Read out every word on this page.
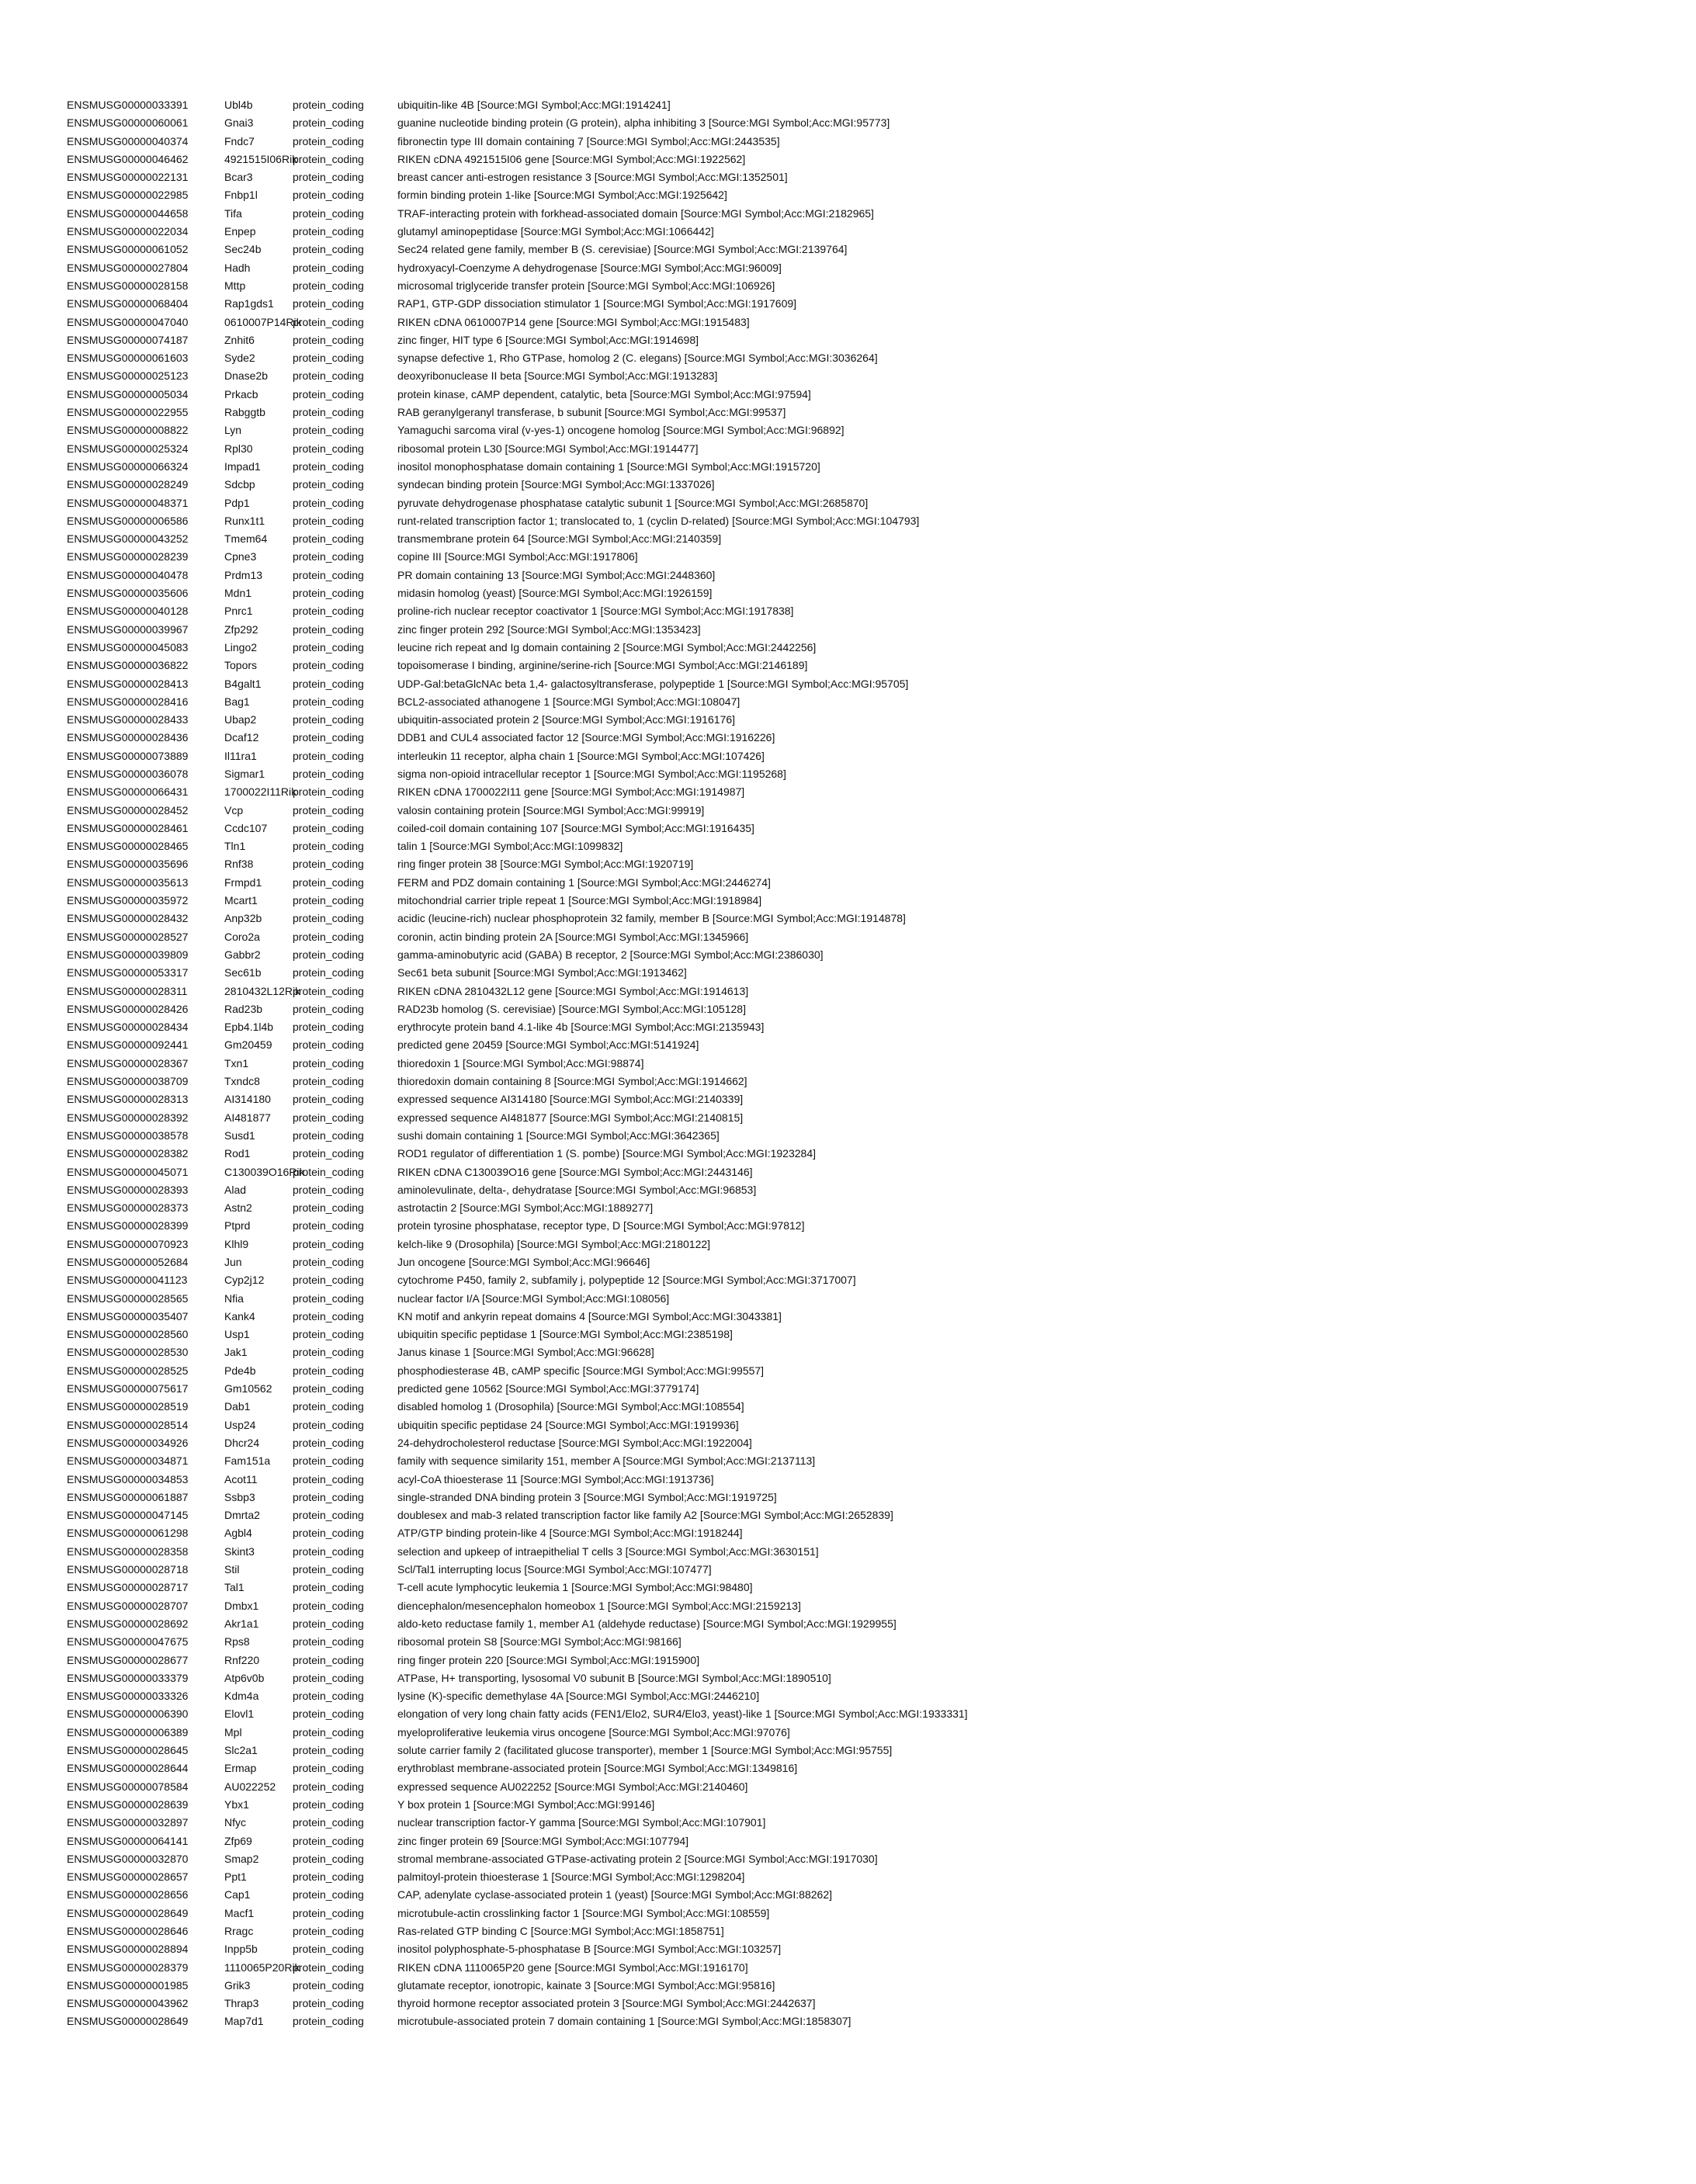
ENSMUSG00000033391	Ubl4b	protein_coding	ubiquitin-like 4B [Source:MGI Symbol;Acc:MGI:1914241]
ENSMUSG00000060061	Gnai3	protein_coding	guanine nucleotide binding protein (G protein), alpha inhibiting 3 [Source:MGI Symbol;Acc:MGI:95773]
ENSMUSG00000040374	Fndc7	protein_coding	fibronectin type III domain containing 7 [Source:MGI Symbol;Acc:MGI:2443535]
ENSMUSG00000046462	4921515I06Rik
protein_coding	RIKEN cDNA 4921515I06 gene [Source:MGI Symbol;Acc:MGI:1922562]
ENSMUSG00000022131	Bcar3	protein_coding	breast cancer anti-estrogen resistance 3 [Source:MGI Symbol;Acc:MGI:1352501]
ENSMUSG00000022985	Fnbp1l	protein_coding	formin binding protein 1-like [Source:MGI Symbol;Acc:MGI:1925642]
ENSMUSG00000044658	Tifa	protein_coding	TRAF-interacting protein with forkhead-associated domain [Source:MGI Symbol;Acc:MGI:2182965]
ENSMUSG00000022034	Enpep	protein_coding	glutamyl aminopeptidase [Source:MGI Symbol;Acc:MGI:1066442]
ENSMUSG00000061052	Sec24b	protein_coding	Sec24 related gene family, member B (S. cerevisiae) [Source:MGI Symbol;Acc:MGI:2139764]
ENSMUSG00000027804	Hadh	protein_coding	hydroxyacyl-Coenzyme A dehydrogenase [Source:MGI Symbol;Acc:MGI:96009]
ENSMUSG00000028158	Mttp	protein_coding	microsomal triglyceride transfer protein [Source:MGI Symbol;Acc:MGI:106926]
ENSMUSG00000068404	Rap1gds1 protein_coding	RAP1, GTP-GDP dissociation stimulator 1 [Source:MGI Symbol;Acc:MGI:1917609]
ENSMUSG00000047040	0610007P14Rik
protein_coding	RIKEN cDNA 0610007P14 gene [Source:MGI Symbol;Acc:MGI:1915483]
ENSMUSG00000074187	Znhit6	protein_coding	zinc finger, HIT type 6 [Source:MGI Symbol;Acc:MGI:1914698]
ENSMUSG00000061603	Syde2	protein_coding	synapse defective 1, Rho GTPase, homolog 2 (C. elegans) [Source:MGI Symbol;Acc:MGI:3036264]
ENSMUSG00000025123	Dnase2b protein_coding	deoxyribonuclease II beta [Source:MGI Symbol;Acc:MGI:1913283]
ENSMUSG00000005034	Prkacb	protein_coding	protein kinase, cAMP dependent, catalytic, beta [Source:MGI Symbol;Acc:MGI:97594]
ENSMUSG00000022955	Rabggtb	protein_coding	RAB geranylgeranyl transferase, b subunit [Source:MGI Symbol;Acc:MGI:99537]
ENSMUSG00000008822	Lyn	protein_coding	Yamaguchi sarcoma viral (v-yes-1) oncogene homolog [Source:MGI Symbol;Acc:MGI:96892]
ENSMUSG00000025324	Rpl30	protein_coding	ribosomal protein L30 [Source:MGI Symbol;Acc:MGI:1914477]
ENSMUSG00000066324	Impad1	protein_coding	inositol monophosphatase domain containing 1 [Source:MGI Symbol;Acc:MGI:1915720]
ENSMUSG00000028249	Sdcbp	protein_coding	syndecan binding protein [Source:MGI Symbol;Acc:MGI:1337026]
ENSMUSG00000048371	Pdp1	protein_coding	pyruvate dehydrogenase phosphatase catalytic subunit 1 [Source:MGI Symbol;Acc:MGI:2685870]
ENSMUSG00000006586	Runx1t1	protein_coding	runt-related transcription factor 1; translocated to, 1 (cyclin D-related) [Source:MGI Symbol;Acc:MGI:104793]
ENSMUSG00000043252	Tmem64 protein_coding	transmembrane protein 64 [Source:MGI Symbol;Acc:MGI:2140359]
ENSMUSG00000028239	Cpne3	protein_coding	copine III [Source:MGI Symbol;Acc:MGI:1917806]
ENSMUSG00000040478	Prdm13	protein_coding	PR domain containing 13 [Source:MGI Symbol;Acc:MGI:2448360]
ENSMUSG00000035606	Mdn1	protein_coding	midasin homolog (yeast) [Source:MGI Symbol;Acc:MGI:1926159]
ENSMUSG00000040128	Pnrc1	protein_coding	proline-rich nuclear receptor coactivator 1 [Source:MGI Symbol;Acc:MGI:1917838]
ENSMUSG00000039967	Zfp292	protein_coding	zinc finger protein 292 [Source:MGI Symbol;Acc:MGI:1353423]
ENSMUSG00000045083	Lingo2	protein_coding	leucine rich repeat and Ig domain containing 2 [Source:MGI Symbol;Acc:MGI:2442256]
ENSMUSG00000036822	Topors	protein_coding	topoisomerase I binding, arginine/serine-rich [Source:MGI Symbol;Acc:MGI:2146189]
ENSMUSG00000028413	B4galt1	protein_coding	UDP-Gal:betaGlcNAc beta 1,4- galactosyltransferase, polypeptide 1 [Source:MGI Symbol;Acc:MGI:95705]
ENSMUSG00000028416	Bag1	protein_coding	BCL2-associated athanogene 1 [Source:MGI Symbol;Acc:MGI:108047]
ENSMUSG00000028433	Ubap2	protein_coding	ubiquitin-associated protein 2 [Source:MGI Symbol;Acc:MGI:1916176]
ENSMUSG00000028436	Dcaf12	protein_coding	DDB1 and CUL4 associated factor 12 [Source:MGI Symbol;Acc:MGI:1916226]
ENSMUSG00000073889	Il11ra1	protein_coding	interleukin 11 receptor, alpha chain 1 [Source:MGI Symbol;Acc:MGI:107426]
ENSMUSG00000036078	Sigmar1	protein_coding	sigma non-opioid intracellular receptor 1 [Source:MGI Symbol;Acc:MGI:1195268]
ENSMUSG00000066431	1700022I11Rik
protein_coding	RIKEN cDNA 1700022I11 gene [Source:MGI Symbol;Acc:MGI:1914987]
ENSMUSG00000028452	Vcp	protein_coding	valosin containing protein [Source:MGI Symbol;Acc:MGI:99919]
ENSMUSG00000028461	Ccdc107 protein_coding	coiled-coil domain containing 107 [Source:MGI Symbol;Acc:MGI:1916435]
ENSMUSG00000028465	Tln1	protein_coding	talin 1 [Source:MGI Symbol;Acc:MGI:1099832]
ENSMUSG00000035696	Rnf38	protein_coding	ring finger protein 38 [Source:MGI Symbol;Acc:MGI:1920719]
ENSMUSG00000035613	Frmpd1	protein_coding	FERM and PDZ domain containing 1 [Source:MGI Symbol;Acc:MGI:2446274]
ENSMUSG00000035972	Mcart1	protein_coding	mitochondrial carrier triple repeat 1 [Source:MGI Symbol;Acc:MGI:1918984]
ENSMUSG00000028432	Anp32b	protein_coding	acidic (leucine-rich) nuclear phosphoprotein 32 family, member B [Source:MGI Symbol;Acc:MGI:1914878]
ENSMUSG00000028527	Coro2a	protein_coding	coronin, actin binding protein 2A [Source:MGI Symbol;Acc:MGI:1345966]
ENSMUSG00000039809	Gabbr2	protein_coding	gamma-aminobutyric acid (GABA) B receptor, 2 [Source:MGI Symbol;Acc:MGI:2386030]
ENSMUSG00000053317	Sec61b	protein_coding	Sec61 beta subunit [Source:MGI Symbol;Acc:MGI:1913462]
ENSMUSG00000028311	2810432L12Rik
protein_coding	RIKEN cDNA 2810432L12 gene [Source:MGI Symbol;Acc:MGI:1914613]
ENSMUSG00000028426	Rad23b	protein_coding	RAD23b homolog (S. cerevisiae) [Source:MGI Symbol;Acc:MGI:105128]
ENSMUSG00000028434	Epb4.1l4b protein_coding	erythrocyte protein band 4.1-like 4b [Source:MGI Symbol;Acc:MGI:2135943]
ENSMUSG00000092441	Gm20459 protein_coding	predicted gene 20459 [Source:MGI Symbol;Acc:MGI:5141924]
ENSMUSG00000028367	Txn1	protein_coding	thioredoxin 1 [Source:MGI Symbol;Acc:MGI:98874]
ENSMUSG00000038709	Txndc8	protein_coding	thioredoxin domain containing 8 [Source:MGI Symbol;Acc:MGI:1914662]
ENSMUSG00000028313	AI314180 protein_coding	expressed sequence AI314180 [Source:MGI Symbol;Acc:MGI:2140339]
ENSMUSG00000028392	AI481877 protein_coding	expressed sequence AI481877 [Source:MGI Symbol;Acc:MGI:2140815]
ENSMUSG00000038578	Susd1	protein_coding	sushi domain containing 1 [Source:MGI Symbol;Acc:MGI:3642365]
ENSMUSG00000028382	Rod1	protein_coding	ROD1 regulator of differentiation 1 (S. pombe) [Source:MGI Symbol;Acc:MGI:1923284]
ENSMUSG00000045071	C130039O16Rik
protein_coding	RIKEN cDNA C130039O16 gene [Source:MGI Symbol;Acc:MGI:2443146]
ENSMUSG00000028393	Alad	protein_coding	aminolevulinate, delta-, dehydratase [Source:MGI Symbol;Acc:MGI:96853]
ENSMUSG00000028373	Astn2	protein_coding	astrotactin 2 [Source:MGI Symbol;Acc:MGI:1889277]
ENSMUSG00000028399	Ptprd	protein_coding	protein tyrosine phosphatase, receptor type, D [Source:MGI Symbol;Acc:MGI:97812]
ENSMUSG00000070923	Klhl9	protein_coding	kelch-like 9 (Drosophila) [Source:MGI Symbol;Acc:MGI:2180122]
ENSMUSG00000052684	Jun	protein_coding	Jun oncogene [Source:MGI Symbol;Acc:MGI:96646]
ENSMUSG00000041123	Cyp2j12	protein_coding	cytochrome P450, family 2, subfamily j, polypeptide 12 [Source:MGI Symbol;Acc:MGI:3717007]
ENSMUSG00000028565	Nfia	protein_coding	nuclear factor I/A [Source:MGI Symbol;Acc:MGI:108056]
ENSMUSG00000035407	Kank4	protein_coding	KN motif and ankyrin repeat domains 4 [Source:MGI Symbol;Acc:MGI:3043381]
ENSMUSG00000028560	Usp1	protein_coding	ubiquitin specific peptidase 1 [Source:MGI Symbol;Acc:MGI:2385198]
ENSMUSG00000028530	Jak1	protein_coding	Janus kinase 1 [Source:MGI Symbol;Acc:MGI:96628]
ENSMUSG00000028525	Pde4b	protein_coding	phosphodiesterase 4B, cAMP specific [Source:MGI Symbol;Acc:MGI:99557]
ENSMUSG00000075617	Gm10562 protein_coding	predicted gene 10562 [Source:MGI Symbol;Acc:MGI:3779174]
ENSMUSG00000028519	Dab1	protein_coding	disabled homolog 1 (Drosophila) [Source:MGI Symbol;Acc:MGI:108554]
ENSMUSG00000028514	Usp24	protein_coding	ubiquitin specific peptidase 24 [Source:MGI Symbol;Acc:MGI:1919936]
ENSMUSG00000034926	Dhcr24	protein_coding	24-dehydrocholesterol reductase [Source:MGI Symbol;Acc:MGI:1922004]
ENSMUSG00000034871	Fam151a protein_coding	family with sequence similarity 151, member A [Source:MGI Symbol;Acc:MGI:2137113]
ENSMUSG00000034853	Acot11	protein_coding	acyl-CoA thioesterase 11 [Source:MGI Symbol;Acc:MGI:1913736]
ENSMUSG00000061887	Ssbp3	protein_coding	single-stranded DNA binding protein 3 [Source:MGI Symbol;Acc:MGI:1919725]
ENSMUSG00000047145	Dmrta2	protein_coding	doublesex and mab-3 related transcription factor like family A2 [Source:MGI Symbol;Acc:MGI:2652839]
ENSMUSG00000061298	Agbl4	protein_coding	ATP/GTP binding protein-like 4 [Source:MGI Symbol;Acc:MGI:1918244]
ENSMUSG00000028358	Skint3	protein_coding	selection and upkeep of intraepithelial T cells 3 [Source:MGI Symbol;Acc:MGI:3630151]
ENSMUSG00000028718	Stil	protein_coding	Scl/Tal1 interrupting locus [Source:MGI Symbol;Acc:MGI:107477]
ENSMUSG00000028717	Tal1	protein_coding	T-cell acute lymphocytic leukemia 1 [Source:MGI Symbol;Acc:MGI:98480]
ENSMUSG00000028707	Dmbx1	protein_coding	diencephalon/mesencephalon homeobox 1 [Source:MGI Symbol;Acc:MGI:2159213]
ENSMUSG00000028692	Akr1a1	protein_coding	aldo-keto reductase family 1, member A1 (aldehyde reductase) [Source:MGI Symbol;Acc:MGI:1929955]
ENSMUSG00000047675	Rps8	protein_coding	ribosomal protein S8 [Source:MGI Symbol;Acc:MGI:98166]
ENSMUSG00000028677	Rnf220	protein_coding	ring finger protein 220 [Source:MGI Symbol;Acc:MGI:1915900]
ENSMUSG00000033379	Atp6v0b	protein_coding	ATPase, H+ transporting, lysosomal V0 subunit B [Source:MGI Symbol;Acc:MGI:1890510]
ENSMUSG00000033326	Kdm4a	protein_coding	lysine (K)-specific demethylase 4A [Source:MGI Symbol;Acc:MGI:2446210]
ENSMUSG00000006390	Elovl1	protein_coding	elongation of very long chain fatty acids (FEN1/Elo2, SUR4/Elo3, yeast)-like 1 [Source:MGI Symbol;Acc:MGI:1933331]
ENSMUSG00000006389	Mpl	protein_coding	myeloproliferative leukemia virus oncogene [Source:MGI Symbol;Acc:MGI:97076]
ENSMUSG00000028645	Slc2a1	protein_coding	solute carrier family 2 (facilitated glucose transporter), member 1 [Source:MGI Symbol;Acc:MGI:95755]
ENSMUSG00000028644	Ermap	protein_coding	erythroblast membrane-associated protein [Source:MGI Symbol;Acc:MGI:1349816]
ENSMUSG00000078584	AU022252 protein_coding	expressed sequence AU022252 [Source:MGI Symbol;Acc:MGI:2140460]
ENSMUSG00000028639	Ybx1	protein_coding	Y box protein 1 [Source:MGI Symbol;Acc:MGI:99146]
ENSMUSG00000032897	Nfyc	protein_coding	nuclear transcription factor-Y gamma [Source:MGI Symbol;Acc:MGI:107901]
ENSMUSG00000064141	Zfp69	protein_coding	zinc finger protein 69 [Source:MGI Symbol;Acc:MGI:107794]
ENSMUSG00000032870	Smap2	protein_coding	stromal membrane-associated GTPase-activating protein 2 [Source:MGI Symbol;Acc:MGI:1917030]
ENSMUSG00000028657	Ppt1	protein_coding	palmitoyl-protein thioesterase 1 [Source:MGI Symbol;Acc:MGI:1298204]
ENSMUSG00000028656	Cap1	protein_coding	CAP, adenylate cyclase-associated protein 1 (yeast) [Source:MGI Symbol;Acc:MGI:88262]
ENSMUSG00000028649	Macf1	protein_coding	microtubule-actin crosslinking factor 1 [Source:MGI Symbol;Acc:MGI:108559]
ENSMUSG00000028646	Rragc	protein_coding	Ras-related GTP binding C [Source:MGI Symbol;Acc:MGI:1858751]
ENSMUSG00000028894	Inpp5b	protein_coding	inositol polyphosphate-5-phosphatase B [Source:MGI Symbol;Acc:MGI:103257]
ENSMUSG00000028379	1110065P20Rik
protein_coding	RIKEN cDNA 1110065P20 gene [Source:MGI Symbol;Acc:MGI:1916170]
ENSMUSG00000001985	Grik3	protein_coding	glutamate receptor, ionotropic, kainate 3 [Source:MGI Symbol;Acc:MGI:95816]
ENSMUSG00000043962	Thrap3	protein_coding	thyroid hormone receptor associated protein 3 [Source:MGI Symbol;Acc:MGI:2442637]
ENSMUSG00000028649	Map7d1	protein_coding	microtubule-associated protein 7 domain containing 1 [Source:MGI Symbol;Acc:MGI:1858307]
